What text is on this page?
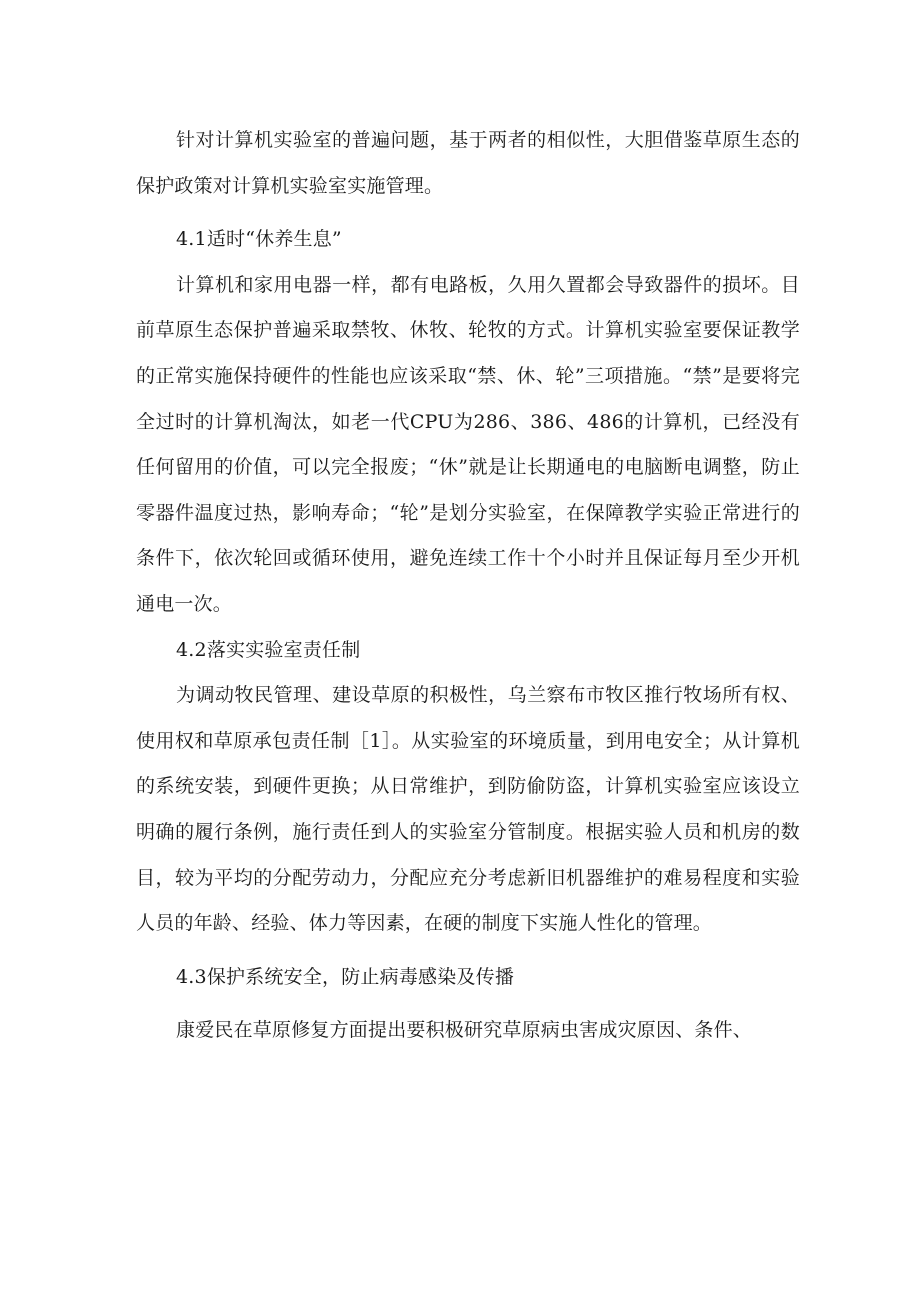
针对计算机实验室的普遍问题，基于两者的相似性，大胆借鉴草原生态的保护政策对计算机实验室实施管理。

4.1适时“休养生息”

计算机和家用电器一样，都有电路板，久用久置都会导致器件的损坏。目前草原生态保护普遍采取禁牧、休牧、轮牧的方式。计算机实验室要保证教学的正常实施保持硬件的性能也应该采取“禁、休、轮”三项措施。“禁”是要将完全过时的计算机淘汰，如老一代CPU为286、386、486的计算机，已经没有任何留用的价值，可以完全报废；“休”就是让长期通电的电脑断电调整，防止零器件温度过热，影响寿命；“轮”是划分实验室，在保障教学实验正常进行的条件下，依次轮回或循环使用，避免连续工作十个小时并且保证每月至少开机通电一次。

4.2落实实验室责任制

为调动牧民管理、建设草原的积极性，乌兰察布市牧区推行牧场所有权、使用权和草原承包责任制［1］。从实验室的环境质量，到用电安全；从计算机的系统安装，到硬件更换；从日常维护，到防偷防盗，计算机实验室应该设立明确的履行条例，施行责任到人的实验室分管制度。根据实验人员和机房的数目，较为平均的分配劳动力，分配应充分考虑新旧机器维护的难易程度和实验人员的年龄、经验、体力等因素，在硬的制度下实施人性化的管理。

4.3保护系统安全，防止病毒感染及传播

康爱民在草原修复方面提出要积极研究草原病虫害成灾原因、条件、
